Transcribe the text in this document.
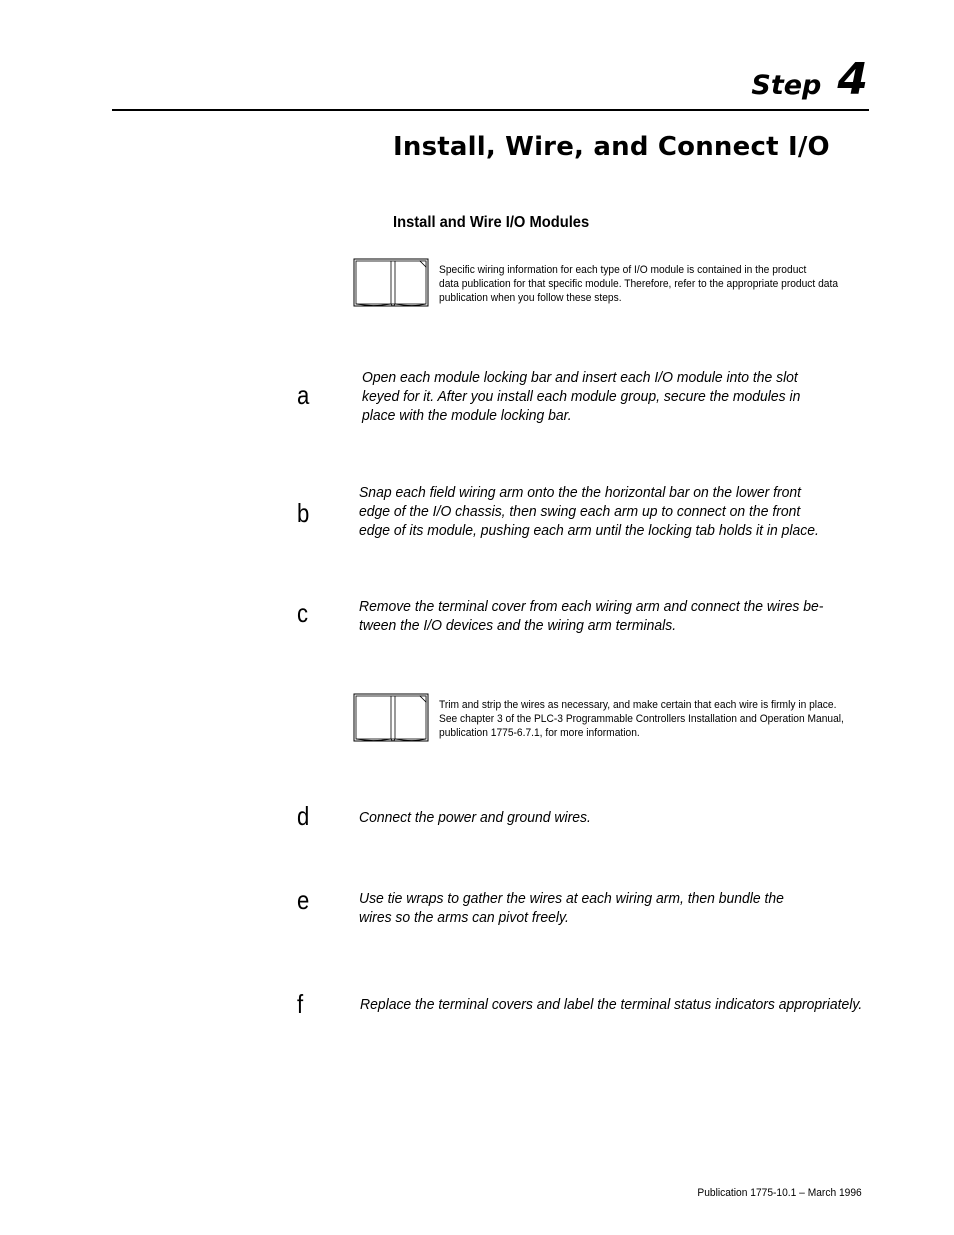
Step 4
Install, Wire, and Connect I/O
Install and Wire I/O Modules
Specific wiring information for each type of I/O module is contained in the product
data publication for that specific module. Therefore, refer to the appropriate product data
publication when you follow these steps.
a
Open each module locking bar and insert each I/O module into the slot
keyed for it. After you install each module group, secure the modules in
place with the module locking bar.
b
Snap each field wiring arm onto the the horizontal bar on the lower front
edge of the I/O chassis, then swing each arm up to connect on the front
edge of its module, pushing each arm until the locking tab holds it in place.
c	Remove the terminal cover from each wiring arm and connect the wires be-
tween the I/O devices and the wiring arm terminals.
Trim and strip the wires as necessary, and make certain that each wire is firmly in place.
See chapter 3 of the PLC-3 Programmable Controllers Installation and Operation Manual,
publication 1775-6.7.1, for more information.
d	Connect the power and ground wires.
e	Use tie wraps to gather the wires at each wiring arm, then bundle the
wires so the arms can pivot freely.
f	Replace the terminal covers and label the terminal status indicators appropriately.
Publication 1775-10.1 – March 1996
